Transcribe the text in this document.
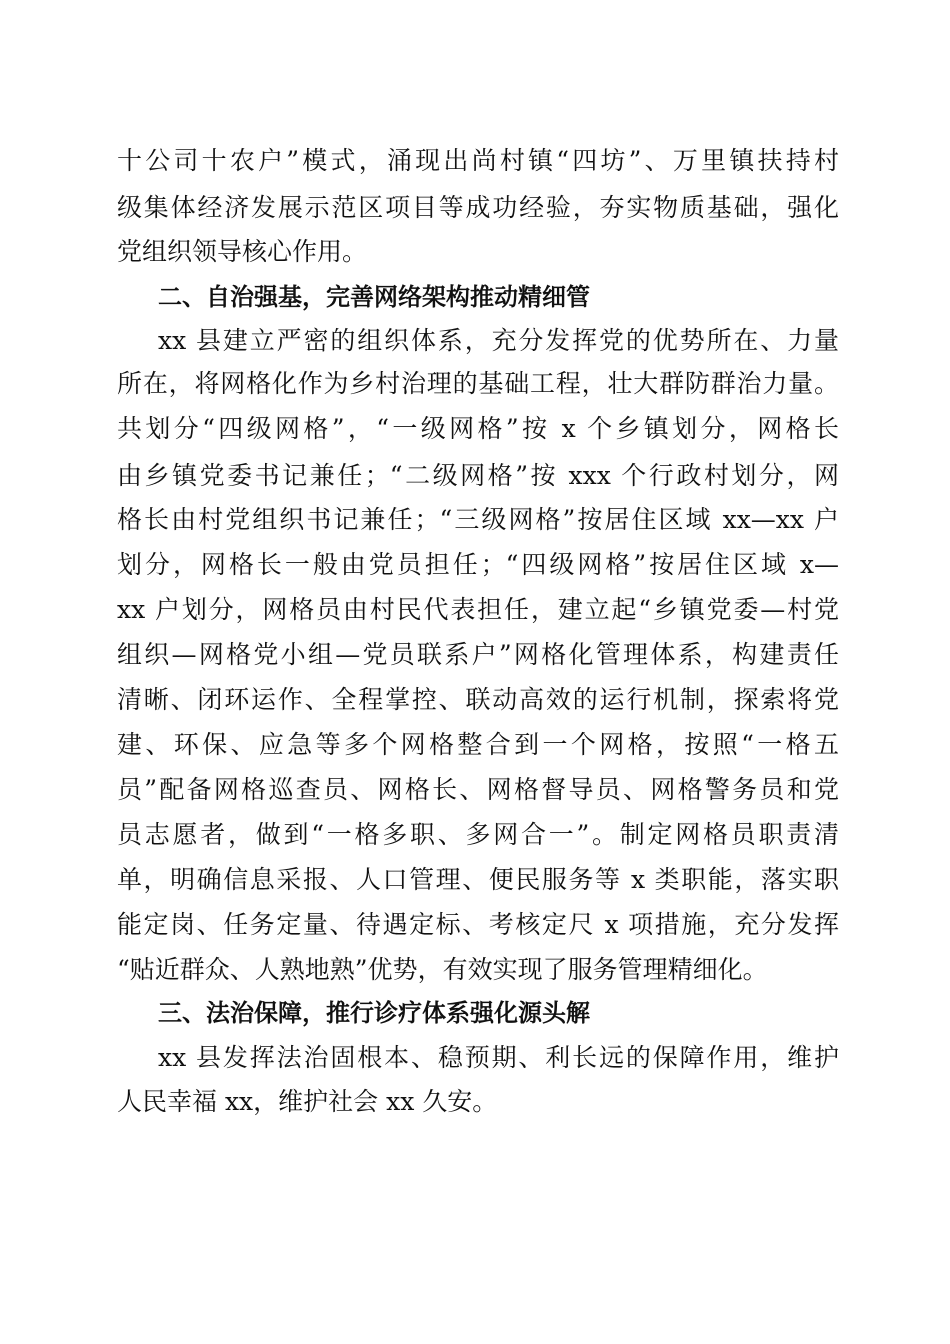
十公司十农户”模式，涌现出尚村镇“四坊”、万里镇扶持村
级集体经济发展示范区项目等成功经验，夯实物质基础，强化
党组织领导核心作用。
二、自治强基，完善网络架构推动精细管
xx 县建立严密的组织体系，充分发挥党的优势所在、力量
所在，将网格化作为乡村治理的基础工程，壮大群防群治力量。
共划分“四级网格”，“一级网格”按 x 个乡镇划分，网格长
由乡镇党委书记兼任；“二级网格”按 xxx 个行政村划分，网
格长由村党组织书记兼任；“三级网格”按居住区域 xx—xx 户
划分，网格长一般由党员担任；“四级网格”按居住区域 x—
xx 户划分，网格员由村民代表担任，建立起“乡镇党委—村党
组织—网格党小组—党员联系户”网格化管理体系，构建责任
清晰、闭环运作、全程掌控、联动高效的运行机制，探索将党
建、环保、应急等多个网格整合到一个网格，按照“一格五
员”配备网格巡查员、网格长、网格督导员、网格警务员和党
员志愿者，做到“一格多职、多网合一”。制定网格员职责清
单，明确信息采报、人口管理、便民服务等 x 类职能，落实职
能定岗、任务定量、待遇定标、考核定尺 x 项措施，充分发挥
“贴近群众、人熟地熟”优势，有效实现了服务管理精细化。
三、法治保障，推行诊疗体系强化源头解
xx 县发挥法治固根本、稳预期、利长远的保障作用，维护
人民幸福 xx，维护社会 xx 久安。
